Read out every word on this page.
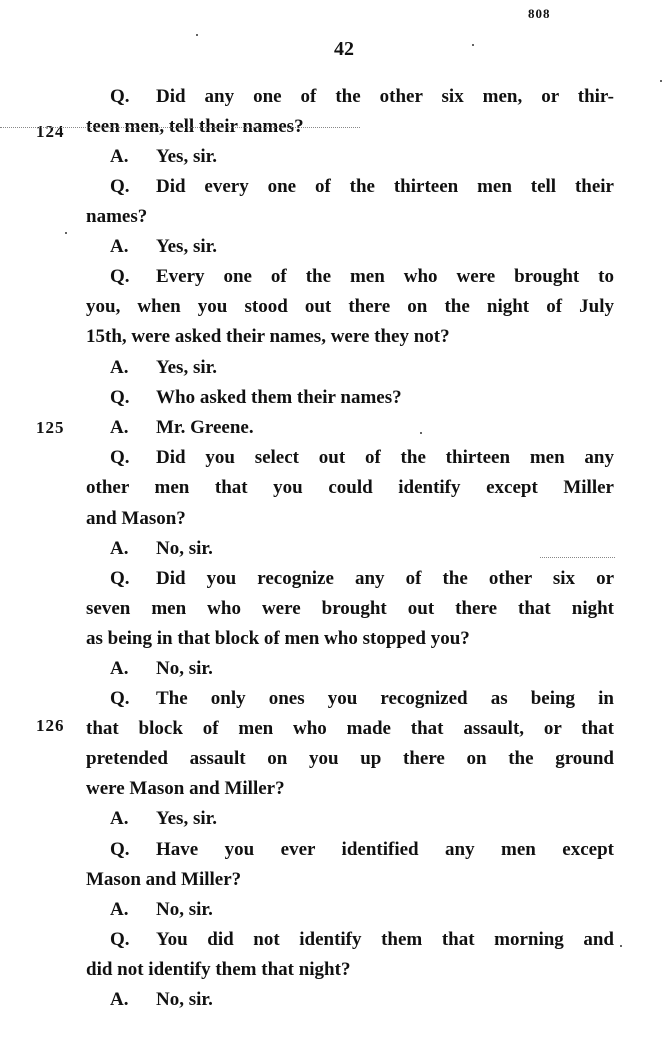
808
42
124
125
126
Q. Did any one of the other six men, or thir-
teen men, tell their names?
A. Yes, sir.
Q. Did every one of the thirteen men tell their
names?
A. Yes, sir.
Q. Every one of the men who were brought to
you, when you stood out there on the night of July
15th, were asked their names, were they not?
A. Yes, sir.
Q. Who asked them their names?
A. Mr. Greene.
Q. Did you select out of the thirteen men any
other men that you could identify except Miller
and Mason?
A. No, sir.
Q. Did you recognize any of the other six or
seven men who were brought out there that night
as being in that block of men who stopped you?
A. No, sir.
Q. The only ones you recognized as being in
that block of men who made that assault, or that
pretended assault on you up there on the ground
were Mason and Miller?
A. Yes, sir.
Q. Have you ever identified any men except
Mason and Miller?
A. No, sir.
Q. You did not identify them that morning and
did not identify them that night?
A. No, sir.
